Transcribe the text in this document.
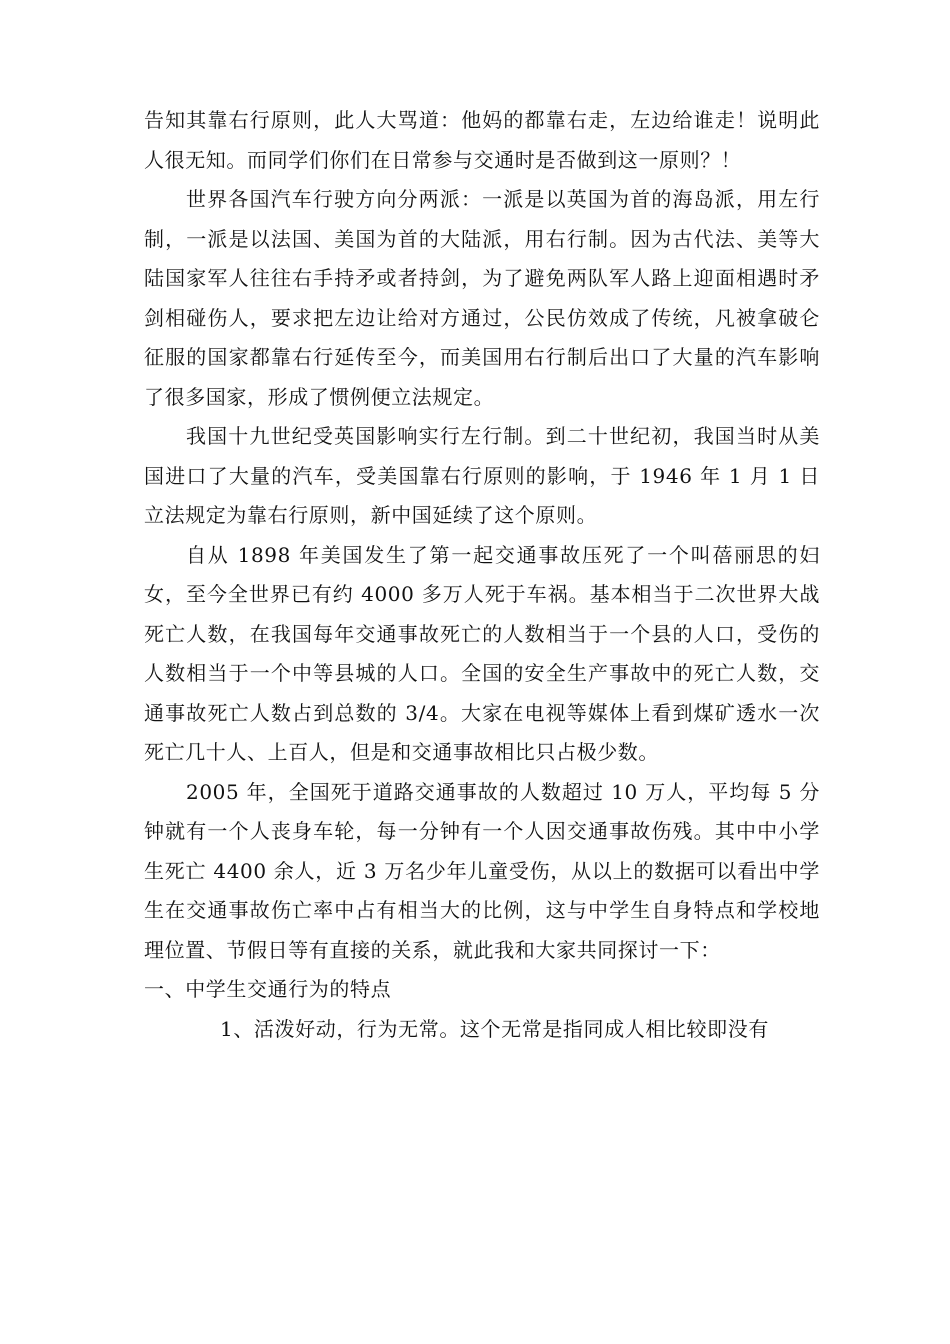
告知其靠右行原则，此人大骂道：他妈的都靠右走，左边给谁走！说明此人很无知。而同学们你们在日常参与交通时是否做到这一原则？！

世界各国汽车行驶方向分两派：一派是以英国为首的海岛派，用左行制，一派是以法国、美国为首的大陆派，用右行制。因为古代法、美等大陆国家军人往往右手持矛或者持剑，为了避免两队军人路上迎面相遇时矛剑相碰伤人，要求把左边让给对方通过，公民仿效成了传统，凡被拿破仑征服的国家都靠右行延传至今，而美国用右行制后出口了大量的汽车影响了很多国家，形成了惯例便立法规定。

我国十九世纪受英国影响实行左行制。到二十世纪初，我国当时从美国进口了大量的汽车，受美国靠右行原则的影响，于 1946 年 1 月 1 日立法规定为靠右行原则，新中国延续了这个原则。

自从 1898 年美国发生了第一起交通事故压死了一个叫蓓丽思的妇女，至今全世界已有约 4000 多万人死于车祸。基本相当于二次世界大战死亡人数，在我国每年交通事故死亡的人数相当于一个县的人口，受伤的人数相当于一个中等县城的人口。全国的安全生产事故中的死亡人数，交通事故死亡人数占到总数的 3/4。大家在电视等媒体上看到煤矿透水一次死亡几十人、上百人，但是和交通事故相比只占极少数。

2005 年，全国死于道路交通事故的人数超过 10 万人，平均每 5 分钟就有一个人丧身车轮，每一分钟有一个人因交通事故伤残。其中中小学生死亡 4400 余人，近 3 万名少年儿童受伤，从以上的数据可以看出中学生在交通事故伤亡率中占有相当大的比例，这与中学生自身特点和学校地理位置、节假日等有直接的关系，就此我和大家共同探讨一下：

一、中学生交通行为的特点

1、活泼好动，行为无常。这个无常是指同成人相比较即没有
